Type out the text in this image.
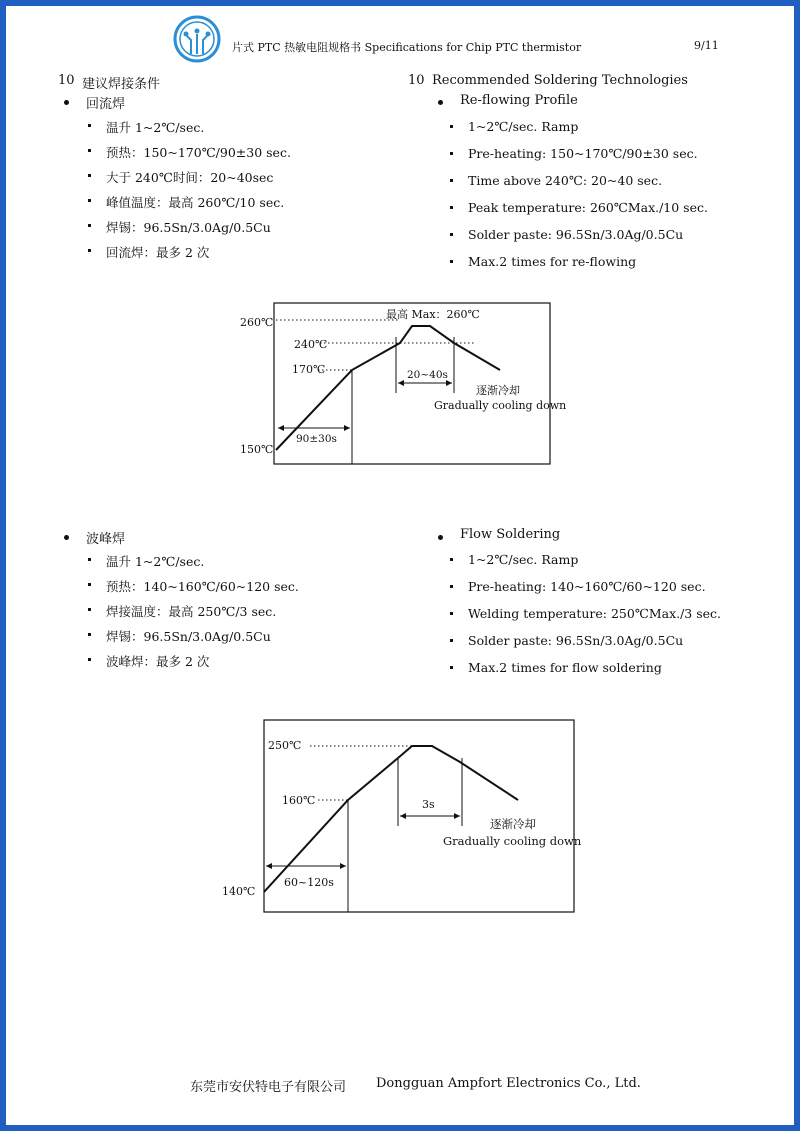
片式 PTC 热敏电阻规格书 Specifications for Chip PTC thermistor	9/11
10 建议焊接条件	10 Recommended Soldering Technologies
回流焊
温升 1~2℃/sec.
预热：150~170℃/90±30 sec.
大于 240℃时间：20~40sec
峰值温度：最高 260℃/10 sec.
焊锡：96.5Sn/3.0Ag/0.5Cu
回流焊：最多 2 次
Re-flowing Profile
1~2℃/sec. Ramp
Pre-heating: 150~170℃/90±30 sec.
Time above 240℃: 20~40 sec.
Peak temperature: 260℃Max./10 sec.
Solder paste: 96.5Sn/3.0Ag/0.5Cu
Max.2 times for re-flowing
260℃
240℃
170℃
150℃
最高 Max：260℃
20~40s
90±30s
逐渐冷却
Gradually cooling down
波峰焊
温升 1~2℃/sec.
预热：140~160℃/60~120 sec.
焊接温度：最高 250℃/3 sec.
焊锡：96.5Sn/3.0Ag/0.5Cu
波峰焊：最多 2 次
Flow Soldering
1~2℃/sec. Ramp
Pre-heating: 140~160℃/60~120 sec.
Welding temperature: 250℃Max./3 sec.
Solder paste: 96.5Sn/3.0Ag/0.5Cu
Max.2 times for flow soldering
250℃
160℃
140℃
3s
60~120s
逐渐冷却
Gradually cooling down
东莞市安伏特电子有限公司 Dongguan Ampfort Electronics Co., Ltd.
